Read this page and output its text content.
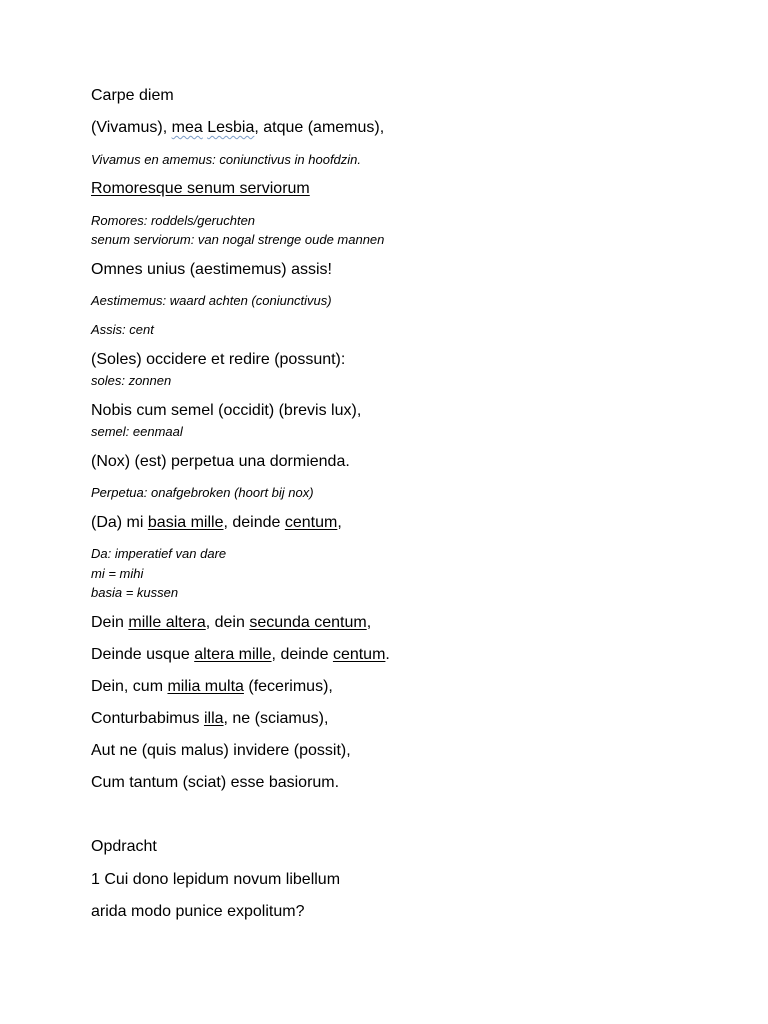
Carpe diem
(Vivamus), mea Lesbia, atque (amemus),
Vivamus en amemus: coniunctivus in hoofdzin.
Romoresque senum serviorum
Romores: roddels/geruchten
senum serviorum: van nogal strenge oude mannen
Omnes unius (aestimemus) assis!
Aestimemus: waard achten (coniunctivus)
Assis: cent
(Soles) occidere et redire (possunt):
soles: zonnen
Nobis cum semel (occidit) (brevis lux),
semel: eenmaal
(Nox) (est) perpetua una dormienda.
Perpetua: onafgebroken (hoort bij nox)
(Da) mi basia mille, deinde centum,
Da: imperatief van dare
mi = mihi
basia = kussen
Dein mille altera, dein secunda centum,
Deinde usque altera mille, deinde centum.
Dein, cum milia multa (fecerimus),
Conturbabimus illa, ne (sciamus),
Aut ne (quis malus) invidere (possit),
Cum tantum (sciat) esse basiorum.
Opdracht
1 Cui dono lepidum novum libellum
arida modo punice expolitum?
